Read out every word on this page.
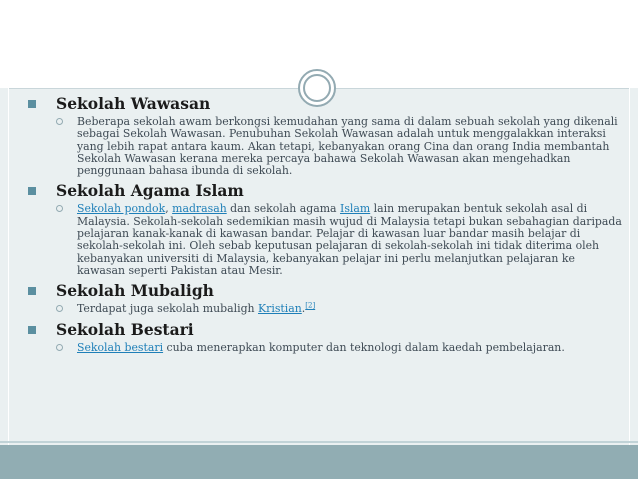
Sekolah Wawasan
Beberapa sekolah awam berkongsi kemudahan yang sama di dalam sebuah sekolah yang dikenali sebagai Sekolah Wawasan. Penubuhan Sekolah Wawasan adalah untuk menggalakkan interaksi yang lebih rapat antara kaum. Akan tetapi, kebanyakan orang Cina dan orang India membantah Sekolah Wawasan kerana mereka percaya bahawa Sekolah Wawasan akan mengehadkan penggunaan bahasa ibunda di sekolah.
Sekolah Agama Islam
Sekolah pondok, madrasah dan sekolah agama Islam lain merupakan bentuk sekolah asal di Malaysia. Sekolah-sekolah sedemikian masih wujud di Malaysia tetapi bukan sebahagian daripada pelajaran kanak-kanak di kawasan bandar. Pelajar di kawasan luar bandar masih belajar di sekolah-sekolah ini. Oleh sebab keputusan pelajaran di sekolah-sekolah ini tidak diterima oleh kebanyakan universiti di Malaysia, kebanyakan pelajar ini perlu melanjutkan pelajaran ke kawasan seperti Pakistan atau Mesir.
Sekolah Mubaligh
Terdapat juga sekolah mubaligh Kristian.[2]
Sekolah Bestari
Sekolah bestari cuba menerapkan komputer dan teknologi dalam kaedah pembelajaran.
